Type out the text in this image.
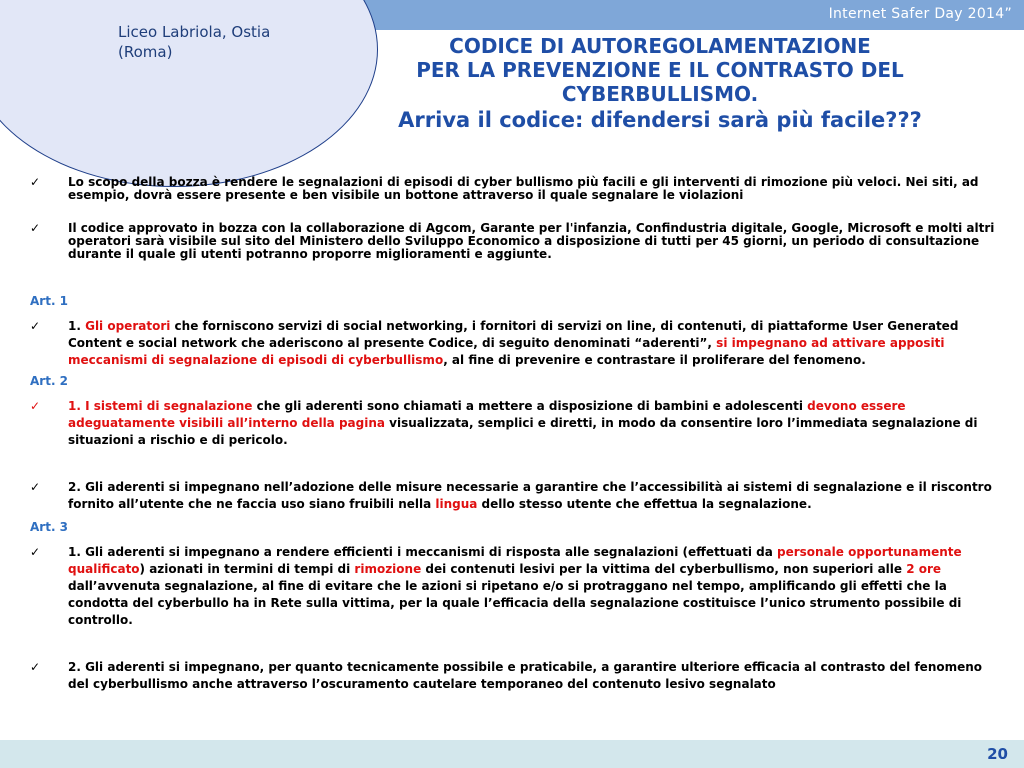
Internet Safer Day 2014”
Liceo Labriola, Ostia (Roma)	CODICE DI AUTOREGOLAMENTAZIONE
PER LA PREVENZIONE E IL CONTRASTO DEL CYBERBULLISMO.
Arriva il codice: difendersi sarà più facile???
✓ Lo scopo della bozza è rendere le segnalazioni di episodi di cyber bullismo più facili e gli interventi di rimozione più veloci. Nei siti, ad esempio, dovrà essere presente e ben visibile un bottone attraverso il quale segnalare le violazioni
✓ Il codice approvato in bozza con la collaborazione di Agcom, Garante per l'infanzia, Confindustria digitale, Google, Microsoft e molti altri operatori sarà visibile sul sito del Ministero dello Sviluppo Economico a disposizione di tutti per 45 giorni, un periodo di consultazione durante il quale gli utenti potranno proporre miglioramenti e aggiunte.
Art. 1
✓ 1. Gli operatori che forniscono servizi di social networking, i fornitori di servizi on line, di contenuti, di piattaforme User Generated Content e social network che aderiscono al presente Codice, di seguito denominati “aderenti”, si impegnano ad attivare appositi meccanismi di segnalazione di episodi di cyberbullismo, al fine di prevenire e contrastare il proliferare del fenomeno.
Art. 2
✓ 1. I sistemi di segnalazione che gli aderenti sono chiamati a mettere a disposizione di bambini e adolescenti devono essere adeguatamente visibili all’interno della pagina visualizzata, semplici e diretti, in modo da consentire loro l’immediata segnalazione di situazioni a rischio e di pericolo.
✓ 2. Gli aderenti si impegnano nell’adozione delle misure necessarie a garantire che l’accessibilità ai sistemi di segnalazione e il riscontro fornito all’utente che ne faccia uso siano fruibili nella lingua dello stesso utente che effettua la segnalazione.
Art. 3
✓ 1. Gli aderenti si impegnano a rendere efficienti i meccanismi di risposta alle segnalazioni (effettuati da personale opportunamente qualificato) azionati in termini di tempi di rimozione dei contenuti lesivi per la vittima del cyberbullismo, non superiori alle 2 ore dall’avvenuta segnalazione, al fine di evitare che le azioni si ripetano e/o si protraggano nel tempo, amplificando gli effetti che la condotta del cyberbullo ha in Rete sulla vittima, per la quale l’efficacia della segnalazione costituisce l’unico strumento possibile di controllo.
✓ 2. Gli aderenti si impegnano, per quanto tecnicamente possibile e praticabile, a garantire ulteriore efficacia al contrasto del fenomeno del cyberbullismo anche attraverso l’oscuramento cautelare temporaneo del contenuto lesivo segnalato
20
